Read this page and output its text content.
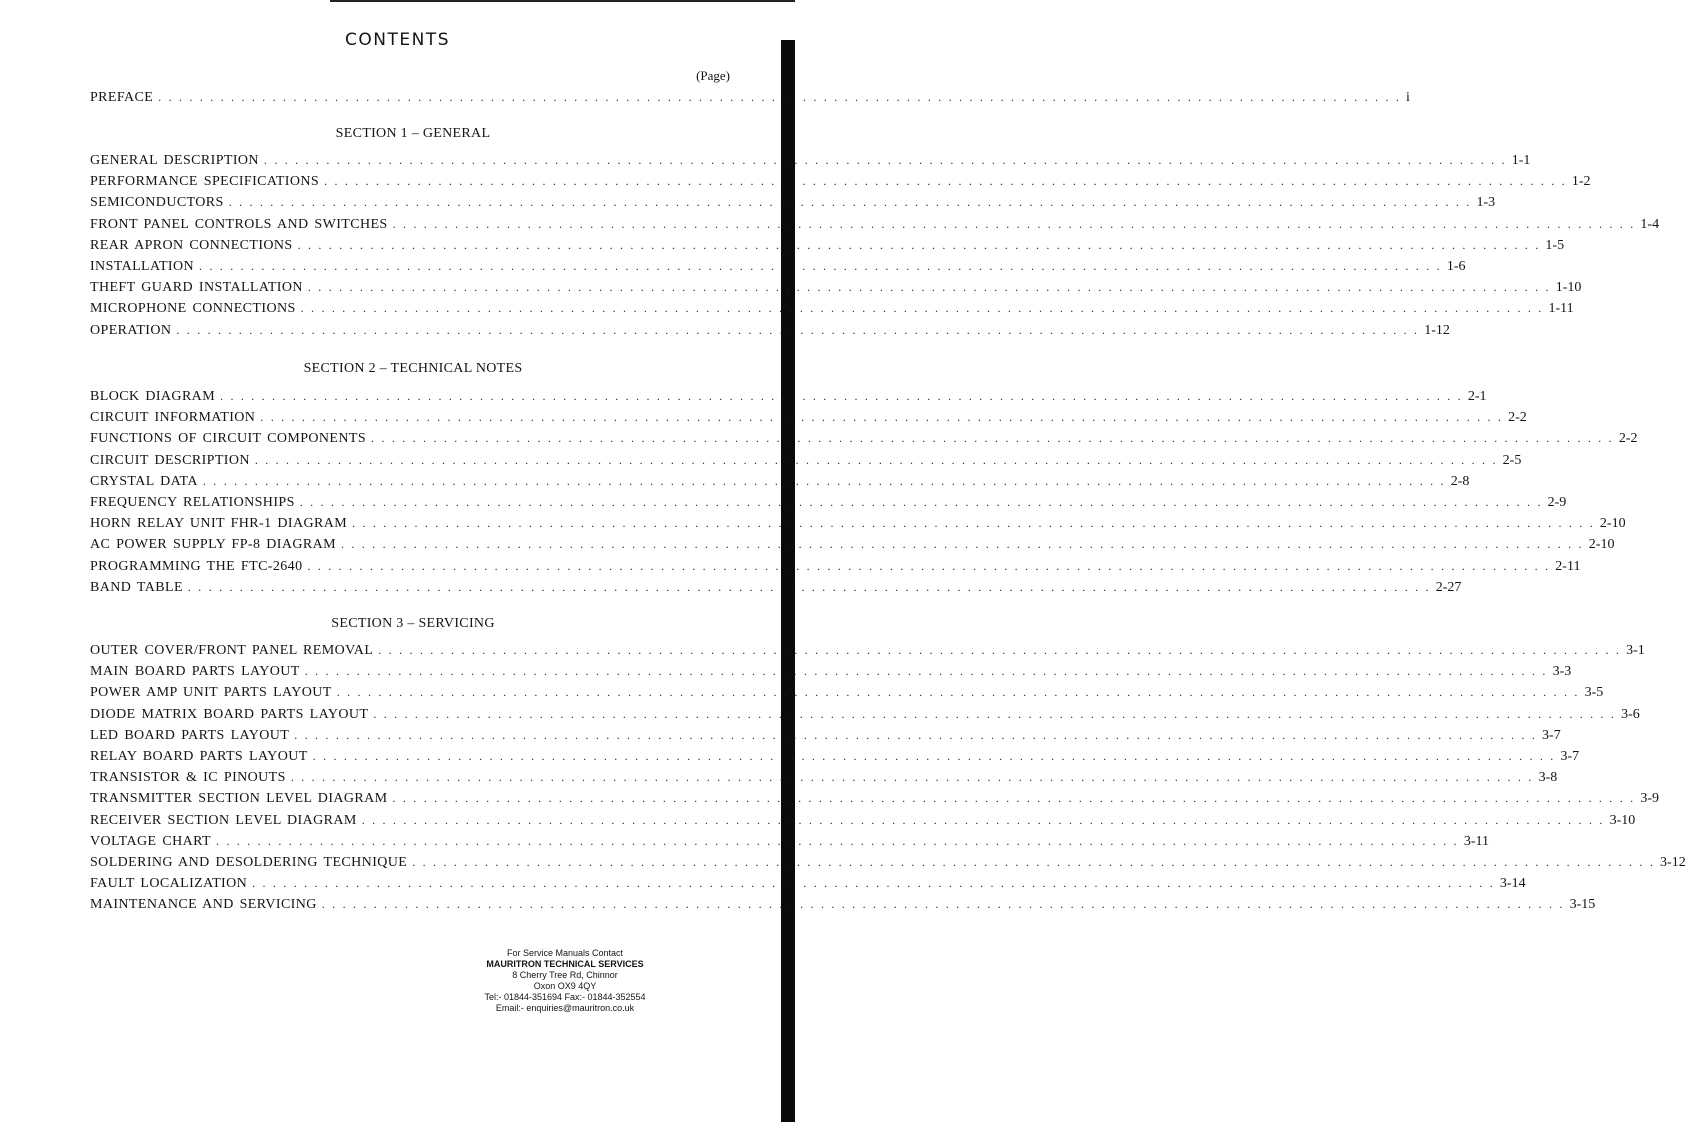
CONTENTS
(Page)
PREFACE . . . . . . . . . . . . . . . . . . . . . . . . . . . . . . . . . . . . . . . . . . . . . . . . . . . . . . . . . . . . . . . . . . . . . . . . . . . . . . . . . . . . . . . . . . . . . . . . . . . . . . . . . . . . . . . . . . . . . . . . i
SECTION 1 – GENERAL
GENERAL DESCRIPTION . . . . . . . . . . . . . . . . . . . . . . . . . . . . . . . . . . . . . . . . . . . . . . . . . . . . . . . . . . . . . . . . . . . . . . . . . . . . . . . . . . . . . . . . . . . . . . . . . . . . . . . . . . . . . . . . . . . . . . . . 1-1
PERFORMANCE SPECIFICATIONS . . . . . . . . . . . . . . . . . . . . . . . . . . . . . . . . . . . . . . . . . . . . . . . . . . . . . . . . . . . . . . . . . . . . . . . . . . . . . . . . . . . . . . . . . . . . . . . . . . . . . . . . . . . . . . . . . . . . . . . . 1-2
SEMICONDUCTORS . . . . . . . . . . . . . . . . . . . . . . . . . . . . . . . . . . . . . . . . . . . . . . . . . . . . . . . . . . . . . . . . . . . . . . . . . . . . . . . . . . . . . . . . . . . . . . . . . . . . . . . . . . . . . . . . . . . . . . . . 1-3
FRONT PANEL CONTROLS AND SWITCHES . . . . . . . . . . . . . . . . . . . . . . . . . . . . . . . . . . . . . . . . . . . . . . . . . . . . . . . . . . . . . . . . . . . . . . . . . . . . . . . . . . . . . . . . . . . . . . . . . . . . . . . . . . . . . . . . . . . . . . . . 1-4
REAR APRON CONNECTIONS . . . . . . . . . . . . . . . . . . . . . . . . . . . . . . . . . . . . . . . . . . . . . . . . . . . . . . . . . . . . . . . . . . . . . . . . . . . . . . . . . . . . . . . . . . . . . . . . . . . . . . . . . . . . . . . . . . . . . . . . 1-5
INSTALLATION . . . . . . . . . . . . . . . . . . . . . . . . . . . . . . . . . . . . . . . . . . . . . . . . . . . . . . . . . . . . . . . . . . . . . . . . . . . . . . . . . . . . . . . . . . . . . . . . . . . . . . . . . . . . . . . . . . . . . . . . 1-6
THEFT GUARD INSTALLATION . . . . . . . . . . . . . . . . . . . . . . . . . . . . . . . . . . . . . . . . . . . . . . . . . . . . . . . . . . . . . . . . . . . . . . . . . . . . . . . . . . . . . . . . . . . . . . . . . . . . . . . . . . . . . . . . . . . . . . . . 1-10
MICROPHONE CONNECTIONS . . . . . . . . . . . . . . . . . . . . . . . . . . . . . . . . . . . . . . . . . . . . . . . . . . . . . . . . . . . . . . . . . . . . . . . . . . . . . . . . . . . . . . . . . . . . . . . . . . . . . . . . . . . . . . . . . . . . . . . . 1-11
OPERATION . . . . . . . . . . . . . . . . . . . . . . . . . . . . . . . . . . . . . . . . . . . . . . . . . . . . . . . . . . . . . . . . . . . . . . . . . . . . . . . . . . . . . . . . . . . . . . . . . . . . . . . . . . . . . . . . . . . . . . . . 1-12
SECTION 2 – TECHNICAL NOTES
BLOCK DIAGRAM . . . . . . . . . . . . . . . . . . . . . . . . . . . . . . . . . . . . . . . . . . . . . . . . . . . . . . . . . . . . . . . . . . . . . . . . . . . . . . . . . . . . . . . . . . . . . . . . . . . . . . . . . . . . . . . . . . . . . . . . 2-1
CIRCUIT INFORMATION . . . . . . . . . . . . . . . . . . . . . . . . . . . . . . . . . . . . . . . . . . . . . . . . . . . . . . . . . . . . . . . . . . . . . . . . . . . . . . . . . . . . . . . . . . . . . . . . . . . . . . . . . . . . . . . . . . . . . . . . 2-2
FUNCTIONS OF CIRCUIT COMPONENTS . . . . . . . . . . . . . . . . . . . . . . . . . . . . . . . . . . . . . . . . . . . . . . . . . . . . . . . . . . . . . . . . . . . . . . . . . . . . . . . . . . . . . . . . . . . . . . . . . . . . . . . . . . . . . . . . . . . . . . . . 2-2
CIRCUIT DESCRIPTION . . . . . . . . . . . . . . . . . . . . . . . . . . . . . . . . . . . . . . . . . . . . . . . . . . . . . . . . . . . . . . . . . . . . . . . . . . . . . . . . . . . . . . . . . . . . . . . . . . . . . . . . . . . . . . . . . . . . . . . . 2-5
CRYSTAL DATA . . . . . . . . . . . . . . . . . . . . . . . . . . . . . . . . . . . . . . . . . . . . . . . . . . . . . . . . . . . . . . . . . . . . . . . . . . . . . . . . . . . . . . . . . . . . . . . . . . . . . . . . . . . . . . . . . . . . . . . . 2-8
FREQUENCY RELATIONSHIPS . . . . . . . . . . . . . . . . . . . . . . . . . . . . . . . . . . . . . . . . . . . . . . . . . . . . . . . . . . . . . . . . . . . . . . . . . . . . . . . . . . . . . . . . . . . . . . . . . . . . . . . . . . . . . . . . . . . . . . . . 2-9
HORN RELAY UNIT FHR-1 DIAGRAM . . . . . . . . . . . . . . . . . . . . . . . . . . . . . . . . . . . . . . . . . . . . . . . . . . . . . . . . . . . . . . . . . . . . . . . . . . . . . . . . . . . . . . . . . . . . . . . . . . . . . . . . . . . . . . . . . . . . . . . . 2-10
AC POWER SUPPLY FP-8 DIAGRAM . . . . . . . . . . . . . . . . . . . . . . . . . . . . . . . . . . . . . . . . . . . . . . . . . . . . . . . . . . . . . . . . . . . . . . . . . . . . . . . . . . . . . . . . . . . . . . . . . . . . . . . . . . . . . . . . . . . . . . . . 2-10
PROGRAMMING THE FTC-2640 . . . . . . . . . . . . . . . . . . . . . . . . . . . . . . . . . . . . . . . . . . . . . . . . . . . . . . . . . . . . . . . . . . . . . . . . . . . . . . . . . . . . . . . . . . . . . . . . . . . . . . . . . . . . . . . . . . . . . . . . 2-11
BAND TABLE . . . . . . . . . . . . . . . . . . . . . . . . . . . . . . . . . . . . . . . . . . . . . . . . . . . . . . . . . . . . . . . . . . . . . . . . . . . . . . . . . . . . . . . . . . . . . . . . . . . . . . . . . . . . . . . . . . . . . . . . 2-27
SECTION 3 – SERVICING
OUTER COVER/FRONT PANEL REMOVAL . . . . . . . . . . . . . . . . . . . . . . . . . . . . . . . . . . . . . . . . . . . . . . . . . . . . . . . . . . . . . . . . . . . . . . . . . . . . . . . . . . . . . . . . . . . . . . . . . . . . . . . . . . . . . . . . . . . . . . . . 3-1
MAIN BOARD PARTS LAYOUT . . . . . . . . . . . . . . . . . . . . . . . . . . . . . . . . . . . . . . . . . . . . . . . . . . . . . . . . . . . . . . . . . . . . . . . . . . . . . . . . . . . . . . . . . . . . . . . . . . . . . . . . . . . . . . . . . . . . . . . . 3-3
POWER AMP UNIT PARTS LAYOUT . . . . . . . . . . . . . . . . . . . . . . . . . . . . . . . . . . . . . . . . . . . . . . . . . . . . . . . . . . . . . . . . . . . . . . . . . . . . . . . . . . . . . . . . . . . . . . . . . . . . . . . . . . . . . . . . . . . . . . . . 3-5
DIODE MATRIX BOARD PARTS LAYOUT . . . . . . . . . . . . . . . . . . . . . . . . . . . . . . . . . . . . . . . . . . . . . . . . . . . . . . . . . . . . . . . . . . . . . . . . . . . . . . . . . . . . . . . . . . . . . . . . . . . . . . . . . . . . . . . . . . . . . . . . 3-6
LED BOARD PARTS LAYOUT . . . . . . . . . . . . . . . . . . . . . . . . . . . . . . . . . . . . . . . . . . . . . . . . . . . . . . . . . . . . . . . . . . . . . . . . . . . . . . . . . . . . . . . . . . . . . . . . . . . . . . . . . . . . . . . . . . . . . . . . 3-7
RELAY BOARD PARTS LAYOUT . . . . . . . . . . . . . . . . . . . . . . . . . . . . . . . . . . . . . . . . . . . . . . . . . . . . . . . . . . . . . . . . . . . . . . . . . . . . . . . . . . . . . . . . . . . . . . . . . . . . . . . . . . . . . . . . . . . . . . . . 3-7
TRANSISTOR & IC PINOUTS . . . . . . . . . . . . . . . . . . . . . . . . . . . . . . . . . . . . . . . . . . . . . . . . . . . . . . . . . . . . . . . . . . . . . . . . . . . . . . . . . . . . . . . . . . . . . . . . . . . . . . . . . . . . . . . . . . . . . . . . 3-8
TRANSMITTER SECTION LEVEL DIAGRAM . . . . . . . . . . . . . . . . . . . . . . . . . . . . . . . . . . . . . . . . . . . . . . . . . . . . . . . . . . . . . . . . . . . . . . . . . . . . . . . . . . . . . . . . . . . . . . . . . . . . . . . . . . . . . . . . . . . . . . . . 3-9
RECEIVER SECTION LEVEL DIAGRAM . . . . . . . . . . . . . . . . . . . . . . . . . . . . . . . . . . . . . . . . . . . . . . . . . . . . . . . . . . . . . . . . . . . . . . . . . . . . . . . . . . . . . . . . . . . . . . . . . . . . . . . . . . . . . . . . . . . . . . . . 3-10
VOLTAGE CHART . . . . . . . . . . . . . . . . . . . . . . . . . . . . . . . . . . . . . . . . . . . . . . . . . . . . . . . . . . . . . . . . . . . . . . . . . . . . . . . . . . . . . . . . . . . . . . . . . . . . . . . . . . . . . . . . . . . . . . . . 3-11
SOLDERING AND DESOLDERING TECHNIQUE . . . . . . . . . . . . . . . . . . . . . . . . . . . . . . . . . . . . . . . . . . . . . . . . . . . . . . . . . . . . . . . . . . . . . . . . . . . . . . . . . . . . . . . . . . . . . . . . . . . . . . . . . . . . . . . . . . . . . . . . 3-12
FAULT LOCALIZATION . . . . . . . . . . . . . . . . . . . . . . . . . . . . . . . . . . . . . . . . . . . . . . . . . . . . . . . . . . . . . . . . . . . . . . . . . . . . . . . . . . . . . . . . . . . . . . . . . . . . . . . . . . . . . . . . . . . . . . . . 3-14
MAINTENANCE AND SERVICING . . . . . . . . . . . . . . . . . . . . . . . . . . . . . . . . . . . . . . . . . . . . . . . . . . . . . . . . . . . . . . . . . . . . . . . . . . . . . . . . . . . . . . . . . . . . . . . . . . . . . . . . . . . . . . . . . . . . . . . . 3-15
For Service Manuals Contact
MAURITRON TECHNICAL SERVICES
8 Cherry Tree Rd, Chinnor
Oxon OX9 4QY
Tel:- 01844-351694 Fax:- 01844-352554
Email:- enquiries@mauritron.co.uk
